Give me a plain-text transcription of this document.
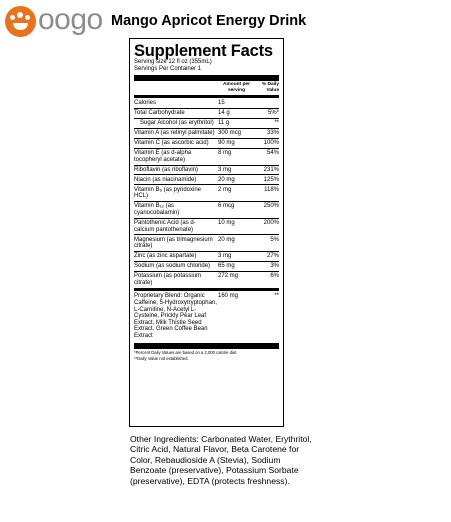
oogo Mango Apricot Energy Drink
Supplement Facts
Serving size 12 fl oz (355mL)
Servings Per Container 1
Amount per serving
% Daily Value
Calories	15
Total Carbohydrate	14 g	5%*
Sugar Alcohol (as erythritol) 11 g	**
Vitamin A (as retinyl palmitate) 300 mcg	33%
Vitamin C (as ascorbic acid)	90 mg	100%
Vitamin E (as d-alpha tocopheryl acetate)
8 mg	54%
Riboflavin (as riboflavin)	3 mg	231%
Niacin (as niacinamide)	20 mg	125%
Vitamin B₆ (as pyridoxine HCL)
2 mg	118%
Vitamin B₁₂ (as cyanocobalamin)
6 mcg	250%
Pantothenic Acid (as d-calcium pantothenate)
10 mg	200%
Magnesium (as trimagnesium citrate)
20 mg	5%
Zinc (as zinc aspartate)	3 mg	27%
Sodium (as sodium chloride)	65 mg	3%
Potassium (as potassium citrate)
272 mg	6%
Proprietary Blend: Organic Caffeine, 5-Hydroxytryptophan, L-Carnitine, N-Acetyl L-Cysteine, Prickly Pear Leaf Extract, Milk Thistle Seed Extract, Green Coffee Bean Extract
160 mg	**
*Percent Daily Values are based on a 2,000 calorie diet.
**Daily Value not established.
Other Ingredients: Carbonated Water, Erythritol, Citric Acid, Natural Flavor, Beta Carotene for Color, Rebaudioside A (Stevia), Sodium Benzoate (preservative), Potassium Sorbate (preservative), EDTA (protects freshness).
